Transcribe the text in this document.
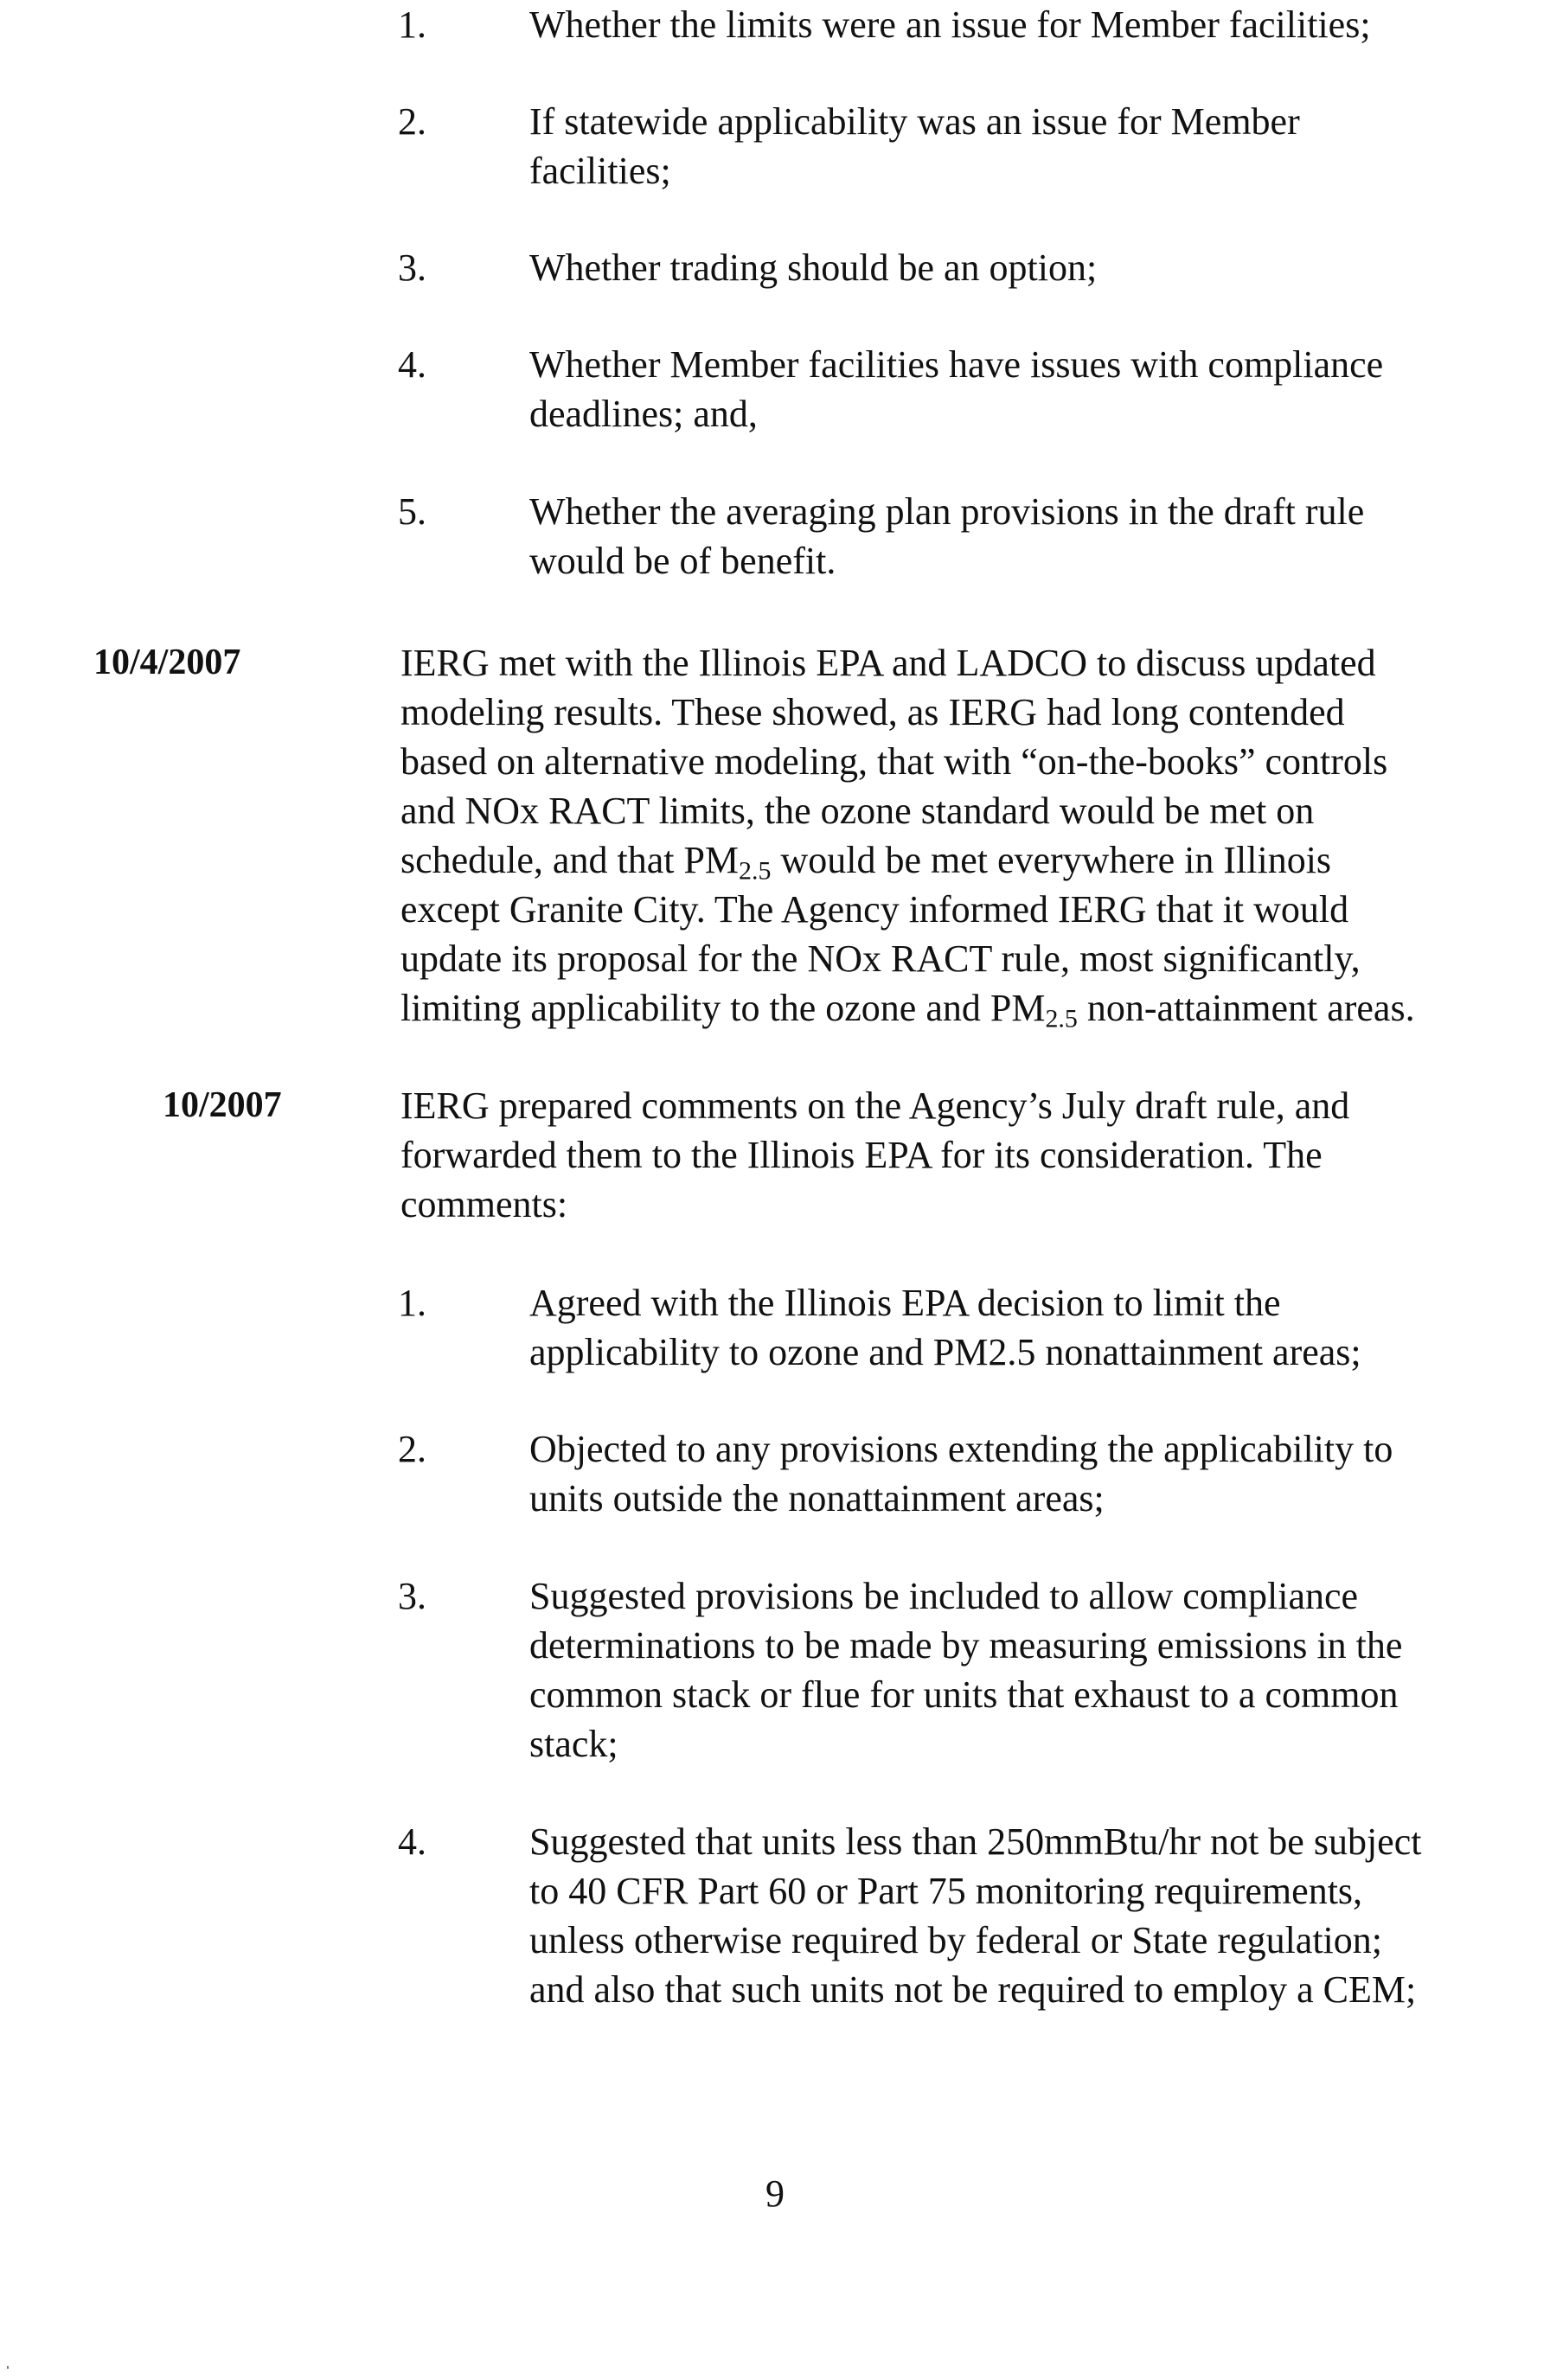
1.	Whether the limits were an issue for Member facilities;
2.	If statewide applicability was an issue for Member
facilities;
3.	Whether trading should be an option;
4.	Whether Member facilities have issues with compliance
deadlines; and,
5.	Whether the averaging plan provisions in the draft rule
would be of benefit.
10/4/2007	IERG met with the Illinois EPA and LADCO to discuss updated
modeling results. These showed, as IERG had long contended
based on alternative modeling, that with “on-the-books” controls
and NOx RACT limits, the ozone standard would be met on
schedule, and that $PM_{2.5}$ would be met everywhere in Illinois
except Granite City. The Agency informed IERG that it would
update its proposal for the NOx RACT rule, most significantly,
limiting applicability to the ozone and $PM_{2.5}$ non-attainment areas.
10/2007	IERG prepared comments on the Agency’s July draft rule, and
forwarded them to the Illinois EPA for its consideration. The
comments:
1.	Agreed with the Illinois EPA decision to limit the
applicability to ozone and PM2.5 nonattainment areas;
2.	Objected to any provisions extending the applicability to
units outside the nonattainment areas;
3.	Suggested provisions be included to allow compliance
determinations to be made by measuring emissions in the
common stack or flue for units that exhaust to a common
stack;
4.	Suggested that units less than 250mmBtu/hr not be subject
to 40 CFR Part 60 or Part 75 monitoring requirements,
unless otherwise required by federal or State regulation;
and also that such units not be required to employ a CEM;
9
